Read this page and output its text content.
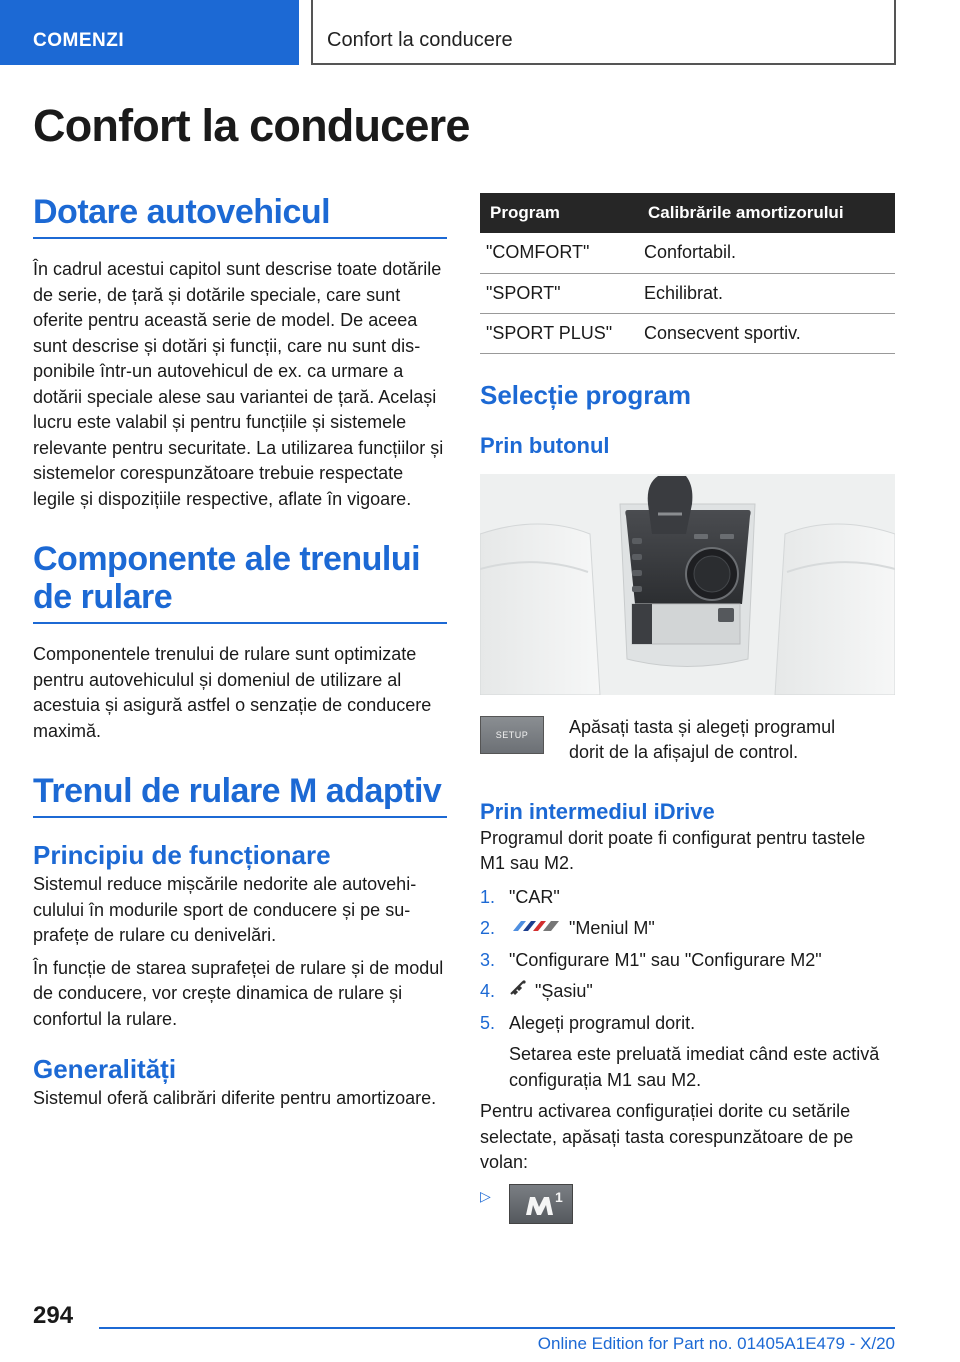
COMENZI	Confort la conducere
Confort la conducere
Dotare autovehicul

În cadrul acestui capitol sunt descrise toate dotările de serie, de țară și dotările speciale, care sunt oferite pentru această serie de model. De aceea sunt descrise și dotări și funcții, care nu sunt disponibile într-un autovehicul de ex. ca urmare a dotării speciale alese sau variantei de țară. Același lucru este valabil și pentru funcțiile și sistemele relevante pentru securitate. La utilizarea funcțiilor și sistemelor corespunzătoare trebuie respectate legile și dispozițiile respective, aflate în vigoare.

Componente ale trenului de rulare

Componentele trenului de rulare sunt optimizate pentru autovehiculul și domeniul de utilizare al acestuia și asigură astfel o senzație de conducere maximă.

Trenul de rulare M adaptiv
Principiu de funcționare

Sistemul reduce mișcările nedorite ale autovehiculului în modurile sport de conducere și pe suprafețe de rulare cu denivelări.

În funcție de starea suprafeței de rulare și de modul de conducere, vor crește dinamica de rulare și confortul la rulare.

Generalități

Sistemul oferă calibrări diferite pentru amortizoare.

Program	Calibrările amortizorului
"COMFORT"	Confortabil.
"SPORT"	Echilibrat.
"SPORT PLUS"	Consecvent sportiv.
Selecție program
Prin butonul
SETUP Apăsați tasta și alegeți programul dorit de la afișajul de control.

Prin intermediul iDrive

Programul dorit poate fi configurat pentru tastele M1 sau M2.

1. "CAR"
2.	"Meniul M"
3. "Configurare M1" sau "Configurare M2"
4. "Șasiu"
5. Alegeți programul dorit.

Setarea este preluată imediat când este activă configurația M1 sau M2.

Pentru activarea configurației dorite cu setările selectate, apăsați tasta corespunzătoare de pe volan:

▷	1
294
Online Edition for Part no. 01405A1E479 - X/20
